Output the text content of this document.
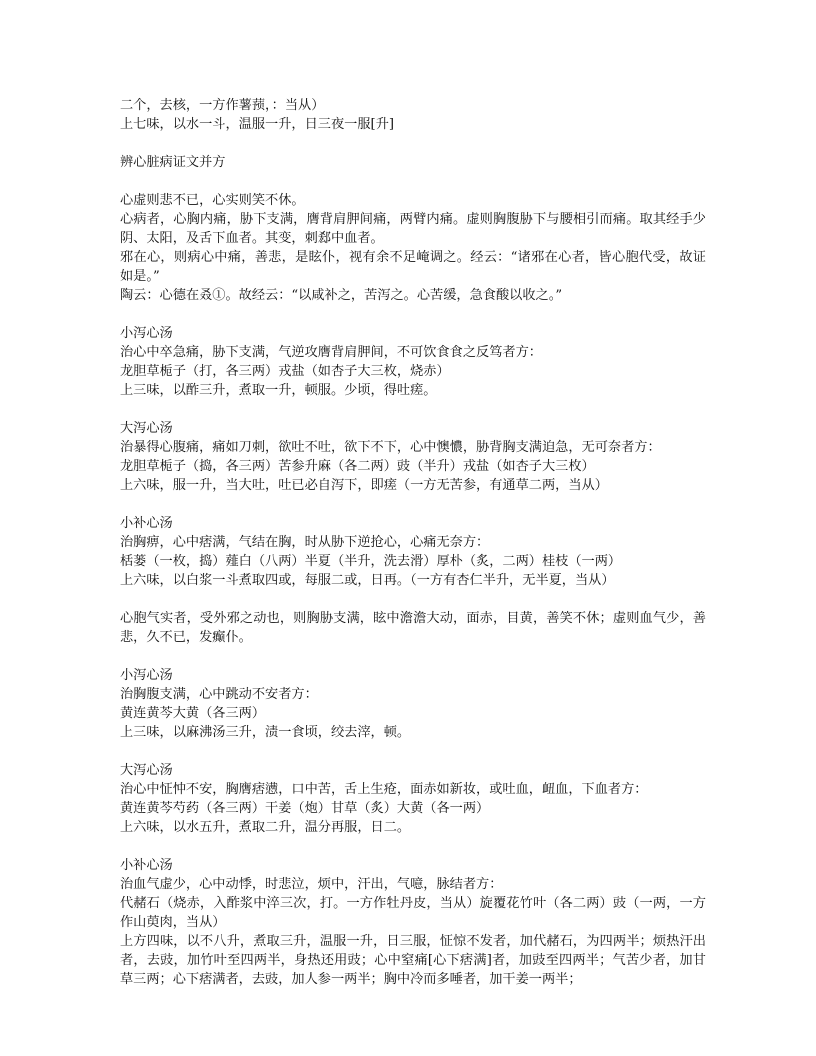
二个，去核，一方作薯蓣，：当从）

上七味，以水一斗，温服一升，日三夜一服[升]

辨心脏病证文并方

心虚则悲不已，心实则笑不休。

心病者，心胸内痛，胁下支满，膺背肩胛间痛，两臂内痛。虚则胸腹胁下与腰相引而痛。取其经手少阴、太阳，及舌下血者。其变，刺郄中血者。

邪在心，则病心中痛，善悲，是眩仆，视有余不足崦调之。经云：“诸邪在心者，皆心胞代受，故证如是。”

陶云：心德在叒①。故经云：“以咸补之，苦泻之。心苦缓，急食酸以收之。”

小泻心汤

治心中卒急痛，胁下支满，气逆攻膺背肩胛间，不可饮食食之反笃者方：

龙胆草栀子（打，各三两）戎盐（如杏子大三枚，烧赤）

上三味，以酢三升，煮取一升，顿服。少顷，得吐瘥。

大泻心汤

治暴得心腹痛，痛如刀刺，欲吐不吐，欲下不下，心中懊憹，胁背胸支满迫急，无可奈者方：

龙胆草栀子（捣，各三两）苦参升麻（各二两）豉（半升）戎盐（如杏子大三枚）

上六味，服一升，当大吐，吐已必自泻下，即瘥（一方无苦参，有通草二两，当从）

小补心汤

治胸痹，心中痞满，气结在胸，时从胁下逆抢心，心痛无奈方：

栝蒌（一枚，捣）薤白（八两）半夏（半升，洗去滑）厚朴（炙，二两）桂枝（一两）

上六味，以白浆一斗煮取四或，每服二或，日再。（一方有杏仁半升，无半夏，当从）

心胞气实者，受外邪之动也，则胸胁支满，眩中澹澹大动，面赤，目黄，善笑不休；虚则血气少，善悲，久不已，发癫仆。

小泻心汤

治胸腹支满，心中跳动不安者方：

黄连黄芩大黄（各三两）

上三味，以麻沸汤三升，渍一食顷，绞去滓，顿。

大泻心汤

治心中怔忡不安，胸膺痞懑，口中苦，舌上生疮，面赤如新妆，或吐血，衄血，下血者方：

黄连黄芩芍药（各三两）干姜（炮）甘草（炙）大黄（各一两）

上六味，以水五升，煮取二升，温分再服，日二。

小补心汤

治血气虚少，心中动悸，时悲泣，烦中，汗出，气噫，脉结者方：

代赭石（烧赤，入酢浆中淬三次，打。一方作牡丹皮，当从）旋覆花竹叶（各二两）豉（一两，一方作山萸肉，当从）

上方四味，以不八升，煮取三升，温服一升，日三服，怔惊不发者，加代赭石，为四两半；烦热汗出者，去豉，加竹叶至四两半，身热还用豉；心中窒痛[心下痞满]者，加豉至四两半；气苦少者，加甘草三两；心下痞满者，去豉，加人参一两半；胸中冷而多唾者，加干姜一两半；
